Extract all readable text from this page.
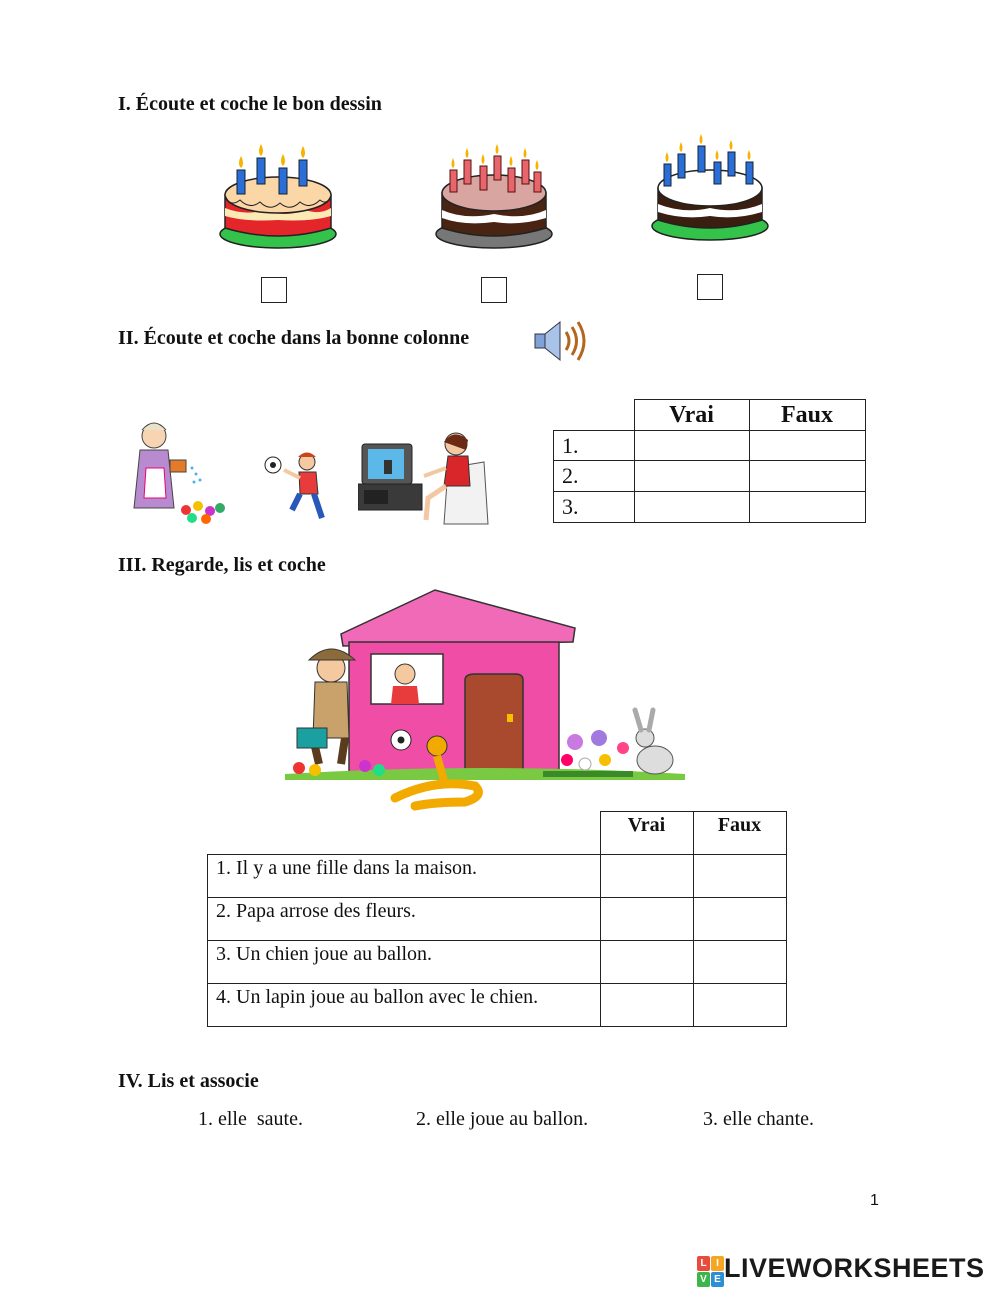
I. Écoute et coche le bon dessin
II. Écoute et coche dans la bonne colonne
	Vrai	Faux
1.		
2.		
3.		
III. Regarde, lis et coche
	Vrai	Faux
1. Il y a une fille dans la maison.		
2. Papa arrose des fleurs.		
3. Un chien joue au ballon.		
4. Un lapin joue au ballon avec le chien.		
IV. Lis et associe
1. elle  saute.	2. elle joue au ballon.	3. elle chante.
1
L I
V E LIVEWORKSHEETS
